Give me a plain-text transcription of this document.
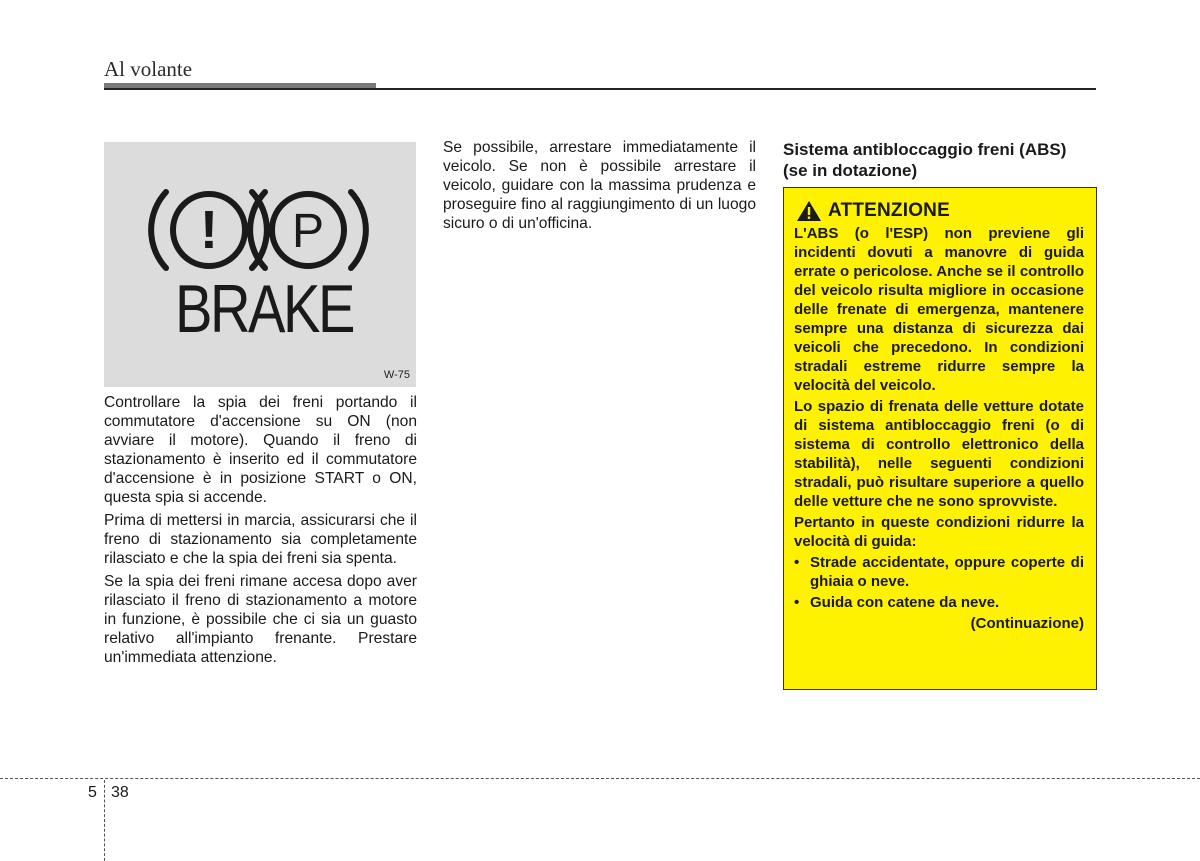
Al volante
! P
BRAKE
W-75

Controllare la spia dei freni portando il commutatore d'accensione su ON (non avviare il motore). Quando il freno di stazionamento è inserito ed il commutatore d'accensione è in posizione START o ON, questa spia si accende.

Prima di mettersi in marcia, assicurarsi che il freno di stazionamento sia completamente rilasciato e che la spia dei freni sia spenta.

Se la spia dei freni rimane accesa dopo aver rilasciato il freno di stazionamento a motore in funzione, è possibile che ci sia un guasto relativo all'impianto frenante. Prestare un'immediata attenzione.

Se possibile, arrestare immediatamente il veicolo. Se non è possibile arrestare il veicolo, guidare con la massima prudenza e proseguire fino al raggiungimento di un luogo sicuro o di un'officina.

Sistema antibloccaggio freni (ABS) (se in dotazione)
ATTENZIONE

L'ABS (o l'ESP) non previene gli incidenti dovuti a manovre di guida errate o pericolose. Anche se il controllo del veicolo risulta migliore in occasione delle frenate di emergenza, mantenere sempre una distanza di sicurezza dai veicoli che precedono. In condizioni stradali estreme ridurre sempre la velocità del veicolo.

Lo spazio di frenata delle vetture dotate di sistema antibloccaggio freni (o di sistema di controllo elettronico della stabilità), nelle seguenti condizioni stradali, può risultare superiore a quello delle vetture che ne sono sprovviste.

Pertanto in queste condizioni ridurre la velocità di guida:

• Strade accidentate, oppure coperte di ghiaia o neve.
• Guida con catene da neve.
(Continuazione)
5 38
